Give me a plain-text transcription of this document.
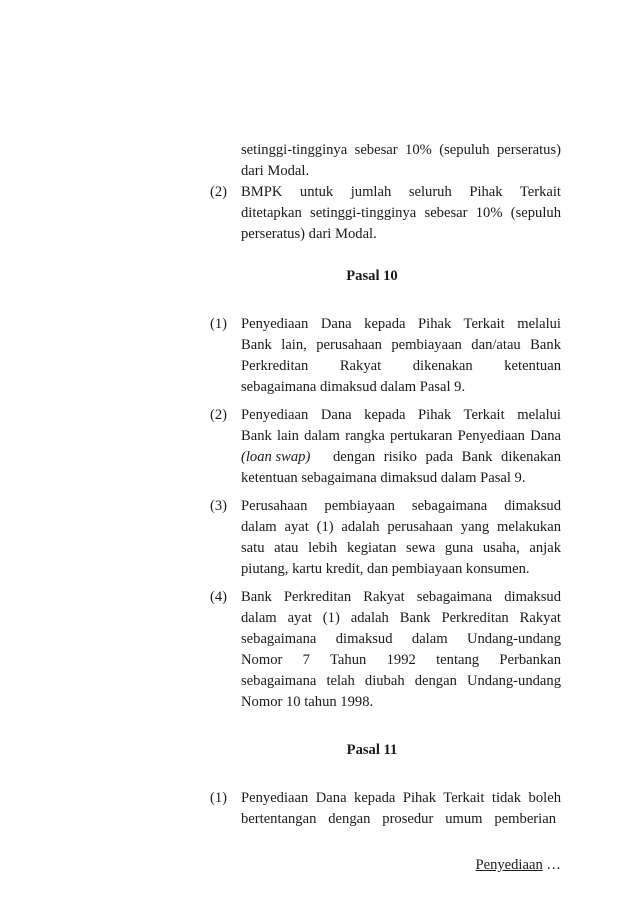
setinggi-tingginya sebesar 10% (sepuluh perseratus)
dari Modal.
(2) BMPK untuk jumlah seluruh Pihak Terkait
ditetapkan setinggi-tingginya sebesar 10% (sepuluh
perseratus) dari Modal.
Pasal 10
(1) Penyediaan Dana kepada Pihak Terkait melalui
Bank lain, perusahaan pembiayaan dan/atau Bank
Perkreditan Rakyat dikenakan ketentuan
sebagaimana dimaksud dalam Pasal 9.
(2) Penyediaan Dana kepada Pihak Terkait melalui
Bank lain dalam rangka pertukaran Penyediaan Dana
(loan swap) dengan risiko pada Bank dikenakan
ketentuan sebagaimana dimaksud dalam Pasal 9.
(3) Perusahaan pembiayaan sebagaimana dimaksud
dalam ayat (1) adalah perusahaan yang melakukan
satu atau lebih kegiatan sewa guna usaha, anjak
piutang, kartu kredit, dan pembiayaan konsumen.
(4) Bank Perkreditan Rakyat sebagaimana dimaksud
dalam ayat (1) adalah Bank Perkreditan Rakyat
sebagaimana dimaksud dalam Undang-undang
Nomor 7 Tahun 1992 tentang Perbankan
sebagaimana telah diubah dengan Undang-undang
Nomor 10 tahun 1998.
Pasal 11
(1) Penyediaan Dana kepada Pihak Terkait tidak boleh
bertentangan dengan prosedur umum pemberian
Penyediaan …
